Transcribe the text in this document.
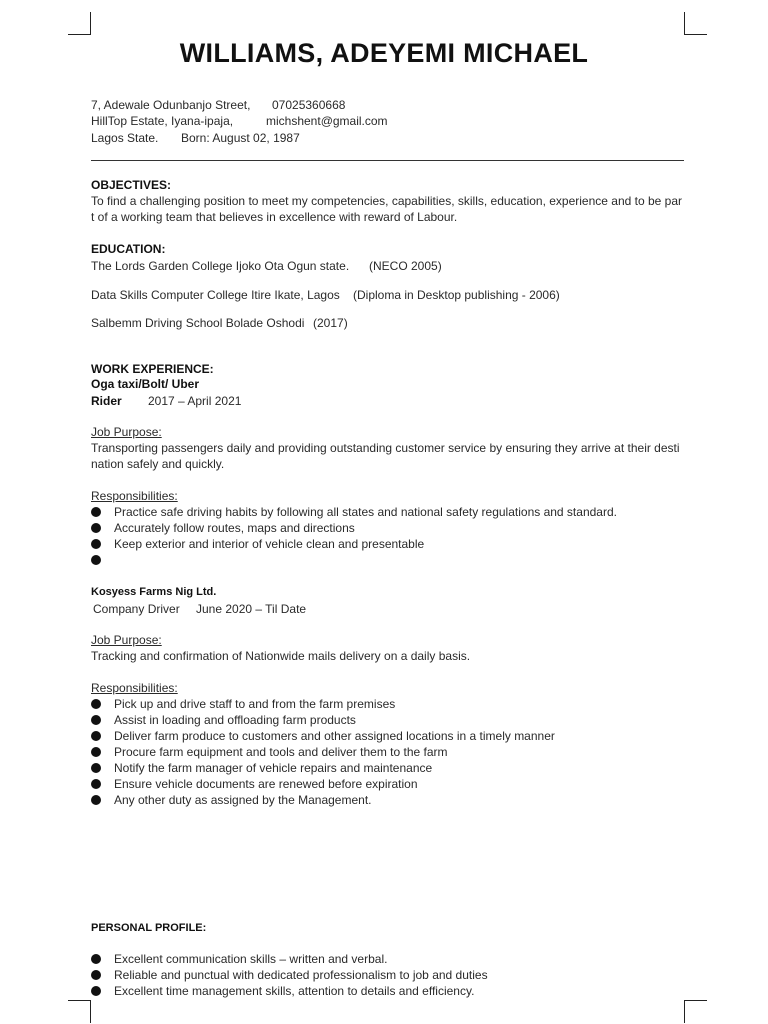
WILLIAMS, ADEYEMI MICHAEL
7, Adewale Odunbanjo Street, 07025360668
HillTop Estate, Iyana-ipaja,	michshent@gmail.com
Lagos State. Born: August 02, 1987
OBJECTIVES:
To find a challenging position to meet my competencies, capabilities, skills, education, experience and to be part of a working team that believes in excellence with reward of Labour.
EDUCATION:
The Lords Garden College Ijoko Ota Ogun state. (NECO 2005)
Data Skills Computer College Itire Ikate, Lagos (Diploma in Desktop publishing - 2006)
Salbemm Driving School Bolade Oshodi (2017)
WORK EXPERIENCE:
Oga taxi/Bolt/ Uber
Rider 2017 – April 2021
Job Purpose:
Transporting passengers daily and providing outstanding customer service by ensuring they arrive at their destination safely and quickly.
Responsibilities:
Practice safe driving habits by following all states and national safety regulations and standard.
Accurately follow routes, maps and directions
Keep exterior and interior of vehicle clean and presentable
Kosyess Farms Nig Ltd.
Company Driver June 2020 – Til Date
Job Purpose:
Tracking and confirmation of Nationwide mails delivery on a daily basis.
Responsibilities:
Pick up and drive staff to and from the farm premises
Assist in loading and offloading farm products
Deliver farm produce to customers and other assigned locations in a timely manner
Procure farm equipment and tools and deliver them to the farm
Notify the farm manager of vehicle repairs and maintenance
Ensure vehicle documents are renewed before expiration
Any other duty as assigned by the Management.
PERSONAL PROFILE:
Excellent communication skills – written and verbal.
Reliable and punctual with dedicated professionalism to job and duties
Excellent time management skills, attention to details and efficiency.
